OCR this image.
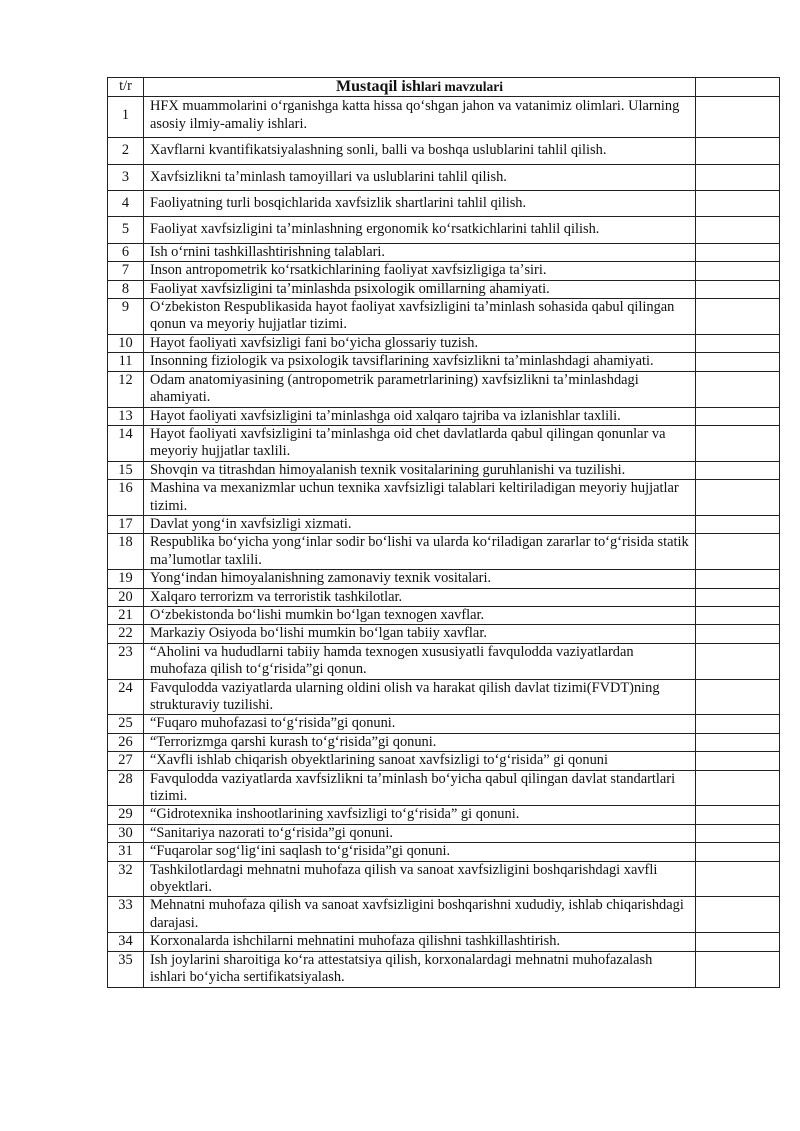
t/r	Mustaqil ishlari mavzulari	
1	HFX muammolarini oʻrganishga katta hissa qoʻshgan jahon va vatanimiz olimlari. Ularning asosiy ilmiy-amaliy ishlari.	
2	Xavflarni kvantifikatsiyalashning sonli, balli va boshqa uslublarini tahlil qilish.	
3	Xavfsizlikni taʼminlash tamoyillari va uslublarini tahlil qilish.	
4	Faoliyatning turli bosqichlarida xavfsizlik shartlarini tahlil qilish.	
5	Faoliyat xavfsizligini taʼminlashning ergonomik koʻrsatkichlarini tahlil qilish.	
6	Ish oʻrnini tashkillashtirishning talablari.	
7	Inson antropometrik koʻrsatkichlarining faoliyat xavfsizligiga taʼsiri.	
8	Faoliyat xavfsizligini taʼminlashda psixologik omillarning ahamiyati.	
9	Oʻzbekiston Respublikasida hayot faoliyat xavfsizligini taʼminlash sohasida qabul qilingan qonun va meyoriy hujjatlar tizimi.	
10	Hayot faoliyati xavfsizligi fani boʻyicha glossariy tuzish.	
11	Insonning fiziologik va psixologik tavsiflarining xavfsizlikni taʼminlashdagi ahamiyati.	
12	Odam anatomiyasining (antropometrik parametrlarining) xavfsizlikni taʼminlashdagi ahamiyati.	
13	Hayot faoliyati xavfsizligini taʼminlashga oid xalqaro tajriba va izlanishlar taxlili.	
14	Hayot faoliyati xavfsizligini taʼminlashga oid chet davlatlarda qabul qilingan qonunlar va meyoriy hujjatlar taxlili.	
15	Shovqin va titrashdan himoyalanish texnik vositalarining guruhlanishi va tuzilishi.	
16	Mashina va mexanizmlar uchun texnika xavfsizligi talablari keltiriladigan meyoriy hujjatlar tizimi.	
17	Davlat yongʻin xavfsizligi xizmati.	
18	Respublika boʻyicha yongʻinlar sodir boʻlishi va ularda koʻriladigan zararlar toʻgʻrisida statik maʼlumotlar taxlili.	
19	Yongʻindan himoyalanishning zamonaviy texnik vositalari.	
20	Xalqaro terrorizm va terroristik tashkilotlar.	
21	Oʻzbekistonda boʻlishi mumkin boʻlgan texnogen xavflar.	
22	Markaziy Osiyoda boʻlishi mumkin boʻlgan tabiiy xavflar.	
23	“Aholini va hududlarni tabiiy hamda texnogen xususiyatli favqulodda vaziyatlardan muhofaza qilish toʻgʻrisida”gi qonun.	
24	Favqulodda vaziyatlarda ularning oldini olish va harakat qilish davlat tizimi(FVDT)ning strukturaviy tuzilishi.	
25	“Fuqaro muhofazasi toʻgʻrisida”gi qonuni.	
26	“Terrorizmga qarshi kurash toʻgʻrisida”gi qonuni.	
27	“Xavfli ishlab chiqarish obyektlarining sanoat xavfsizligi toʻgʻrisida” gi qonuni	
28	Favqulodda vaziyatlarda xavfsizlikni taʼminlash boʻyicha qabul qilingan davlat standartlari tizimi.	
29	“Gidrotexnika inshootlarining xavfsizligi toʻgʻrisida” gi qonuni.	
30	“Sanitariya nazorati toʻgʻrisida”gi qonuni.	
31	“Fuqarolar sogʻligʻini saqlash toʻgʻrisida”gi qonuni.	
32	Tashkilotlardagi mehnatni muhofaza qilish va sanoat xavfsizligini boshqarishdagi xavfli obyektlari.	
33	Mehnatni muhofaza qilish va sanoat xavfsizligini boshqarishni xududiy, ishlab chiqarishdagi darajasi.	
34	Korxonalarda ishchilarni mehnatini muhofaza qilishni tashkillashtirish.	
35	Ish joylarini sharoitiga koʻra attestatsiya qilish, korxonalardagi mehnatni muhofazalash ishlari boʻyicha sertifikatsiyalash.	
